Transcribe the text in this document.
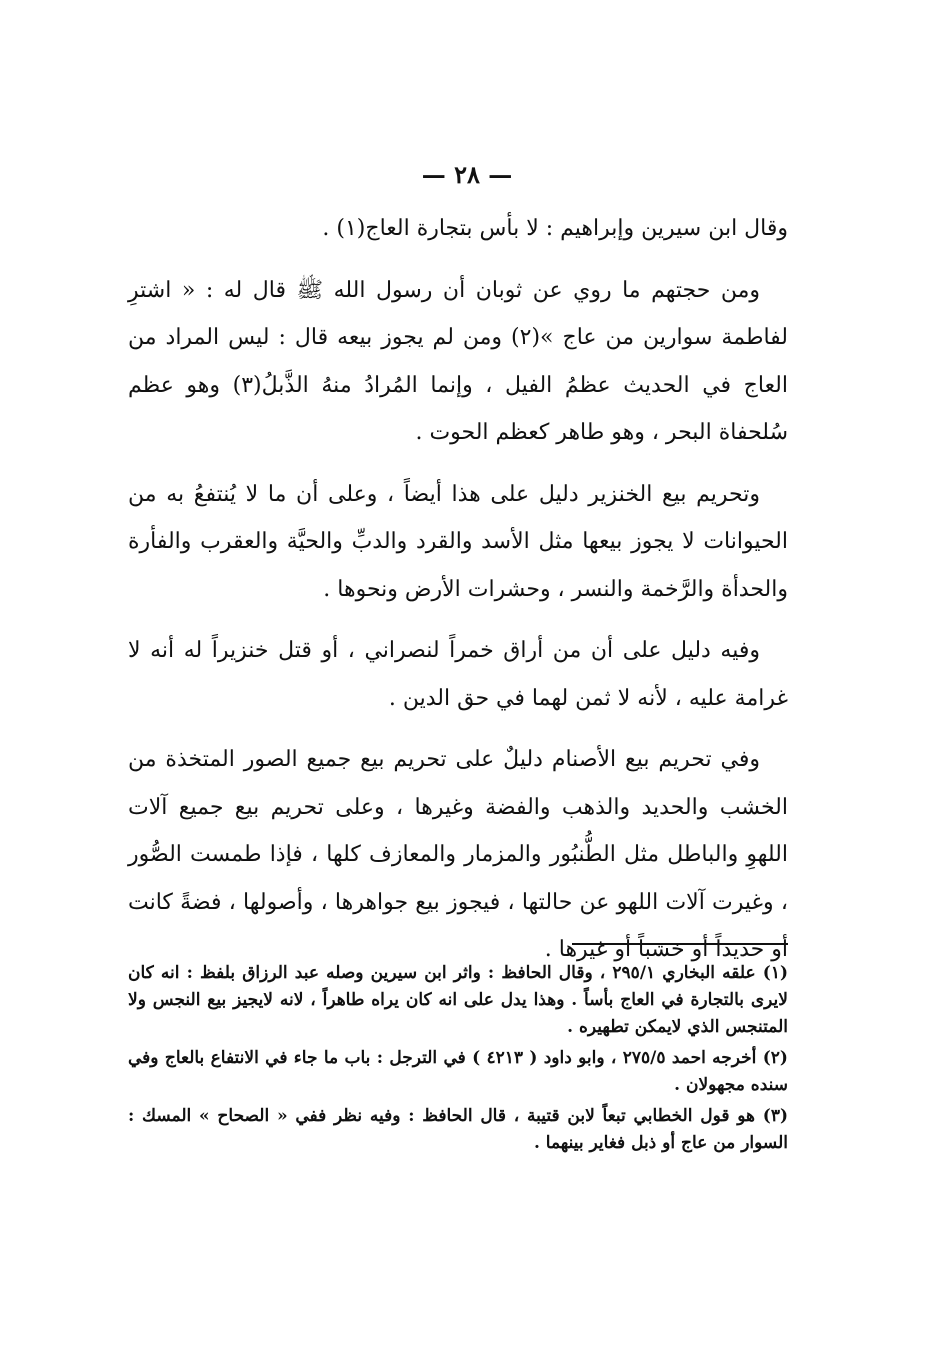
— ٢٨ —

وقال ابن سيرين وإبراهيم : لا بأس بتجارة العاج(١) .

ومن حجتهم ما روي عن ثوبان أن رسول الله ﷺ قال له : « اشترِ لفاطمة سوارين من عاج »(٢) ومن لم يجوز بيعه قال : ليس المراد من العاج في الحديث عظمُ الفيل ، وإنما المُرادُ منهُ الذَّبلُ(٣) وهو عظم سُلحفاة البحر ، وهو طاهر كعظم الحوت .

وتحريم بيع الخنزير دليل على هذا أيضاً ، وعلى أن ما لا يُنتفعُ به من الحيوانات لا يجوز بيعها مثل الأسد والقرد والدبِّ والحيَّة والعقرب والفأرة والحدأة والرَّخمة والنسر ، وحشرات الأرض ونحوها .

وفيه دليل على أن من أراق خمراً لنصراني ، أو قتل خنزيراً له أنه لا غرامة عليه ، لأنه لا ثمن لهما في حق الدين .

وفي تحريم بيع الأصنام دليلٌ على تحريم بيع جميع الصور المتخذة من الخشب والحديد والذهب والفضة وغيرها ، وعلى تحريم بيع جميع آلات اللهوِ والباطل مثل الطُّنبُور والمزمار والمعازف كلها ، فإذا طمست الصُّور ، وغيرت آلات اللهو عن حالتها ، فيجوز بيع جواهرها ، وأصولها ، فضةً كانت أو حديداً أو خشباً أو غيرها .

(١) علقه البخاري ٢٩٥/١ ، وقال الحافظ : واثر ابن سيرين وصله عبد الرزاق بلفظ : انه كان لايرى بالتجارة في العاج بأساً . وهذا يدل على انه كان يراه طاهراً ، لانه لايجيز بيع النجس ولا المتنجس الذي لايمكن تطهيره .

(٢) أخرجه احمد ٢٧٥/٥ ، وابو داود ( ٤٢١٣ ) في الترجل : باب ما جاء في الانتفاع بالعاج وفي سنده مجهولان .

(٣) هو قول الخطابي تبعاً لابن قتيبة ، قال الحافظ : وفيه نظر ففي « الصحاح » المسك : السوار من عاج أو ذبل فغاير بينهما .
